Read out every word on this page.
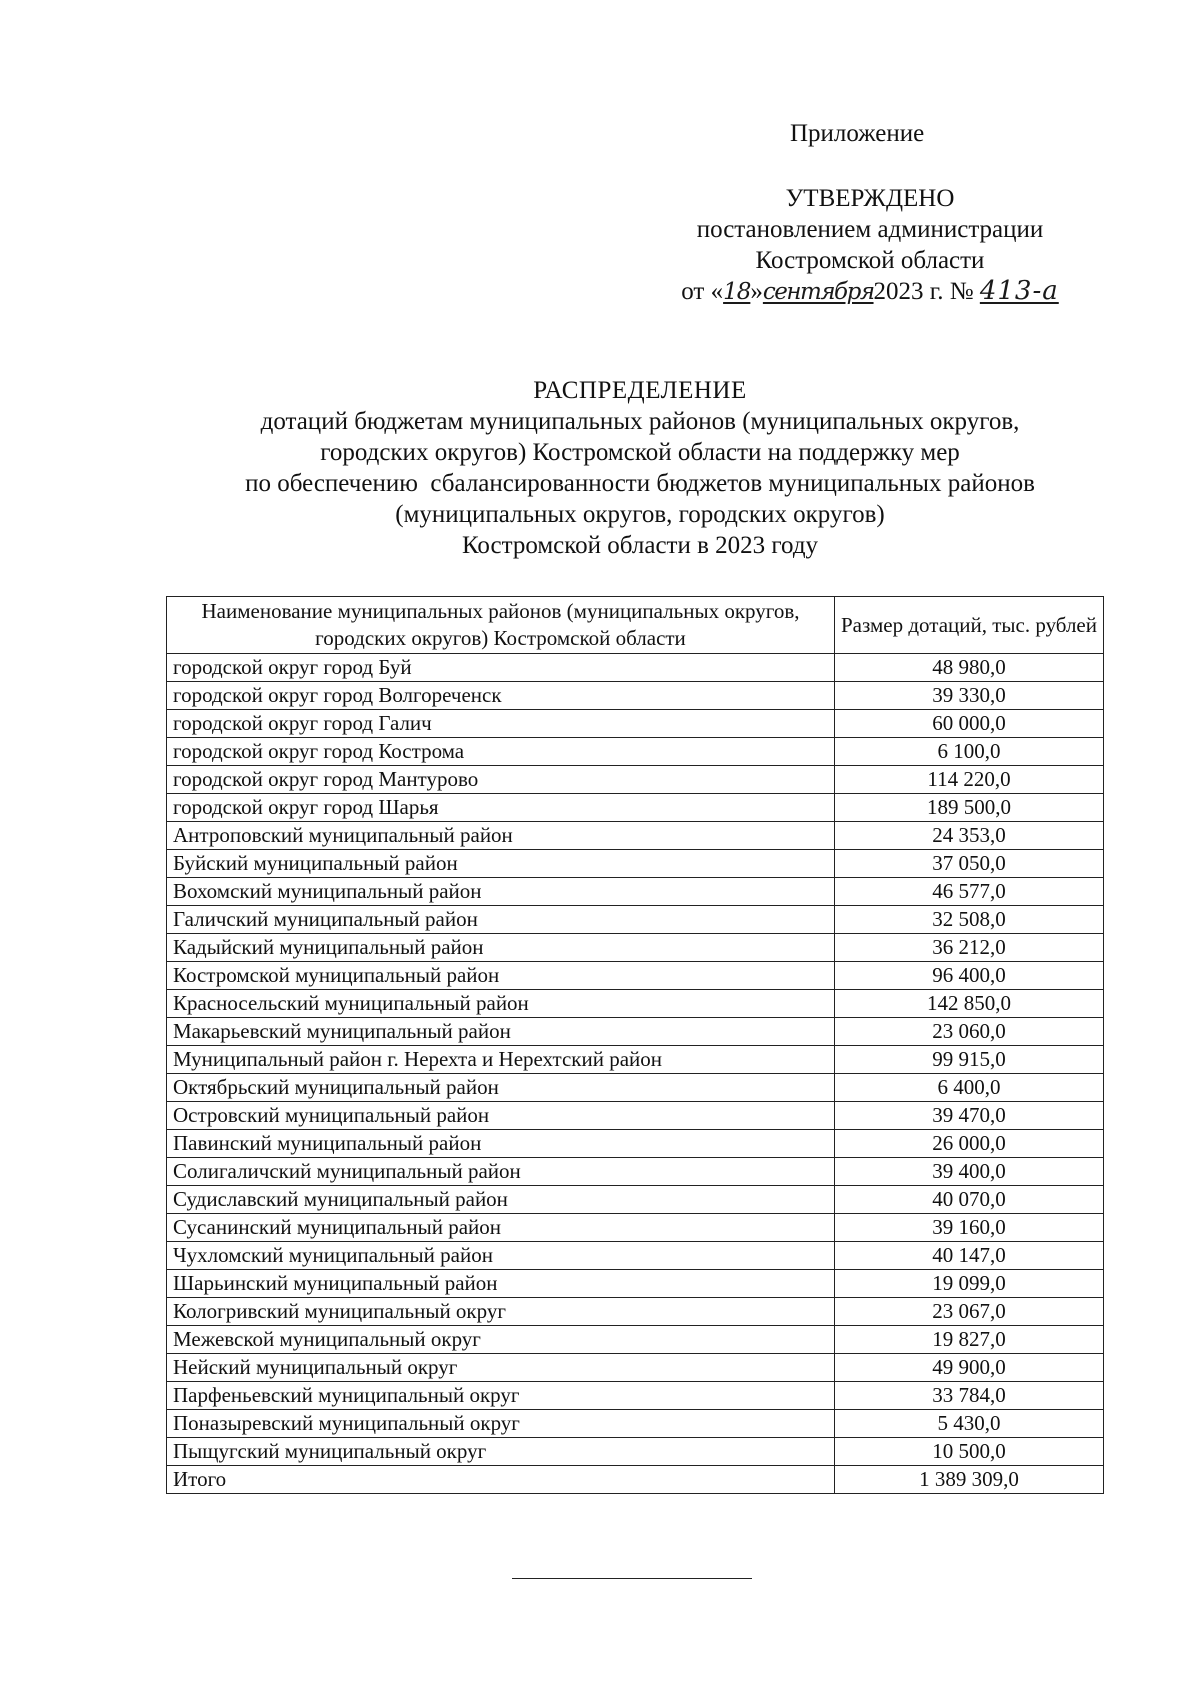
Приложение
УТВЕРЖДЕНО
постановлением администрации
Костромской области
от «18»сентября2023 г. № 413-а
РАСПРЕДЕЛЕНИЕ
дотаций бюджетам муниципальных районов (муниципальных округов,
городских округов) Костромской области на поддержку мер
по обеспечению  сбалансированности бюджетов муниципальных районов
(муниципальных округов, городских округов)
Костромской области в 2023 году
Наименование муниципальных районов (муниципальных округов, городских округов) Костромской области	Размер дотаций, тыс. рублей
городской округ город Буй	48 980,0
городской округ город Волгореченск	39 330,0
городской округ город Галич	60 000,0
городской округ город Кострома	6 100,0
городской округ город Мантурово	114 220,0
городской округ город Шарья	189 500,0
Антроповский муниципальный район	24 353,0
Буйский муниципальный район	37 050,0
Вохомский муниципальный район	46 577,0
Галичский муниципальный район	32 508,0
Кадыйский муниципальный район	36 212,0
Костромской муниципальный район	96 400,0
Красносельский муниципальный район	142 850,0
Макарьевский муниципальный район	23 060,0
Муниципальный район г. Нерехта и Нерехтский район	99 915,0
Октябрьский муниципальный район	6 400,0
Островский муниципальный район	39 470,0
Павинский муниципальный район	26 000,0
Солигаличский муниципальный район	39 400,0
Судиславский муниципальный район	40 070,0
Сусанинский муниципальный район	39 160,0
Чухломский муниципальный район	40 147,0
Шарьинский муниципальный район	19 099,0
Кологривский муниципальный округ	23 067,0
Межевской муниципальный округ	19 827,0
Нейский муниципальный округ	49 900,0
Парфеньевский муниципальный округ	33 784,0
Поназыревский муниципальный округ	5 430,0
Пыщугский муниципальный округ	10 500,0
Итого	1 389 309,0
